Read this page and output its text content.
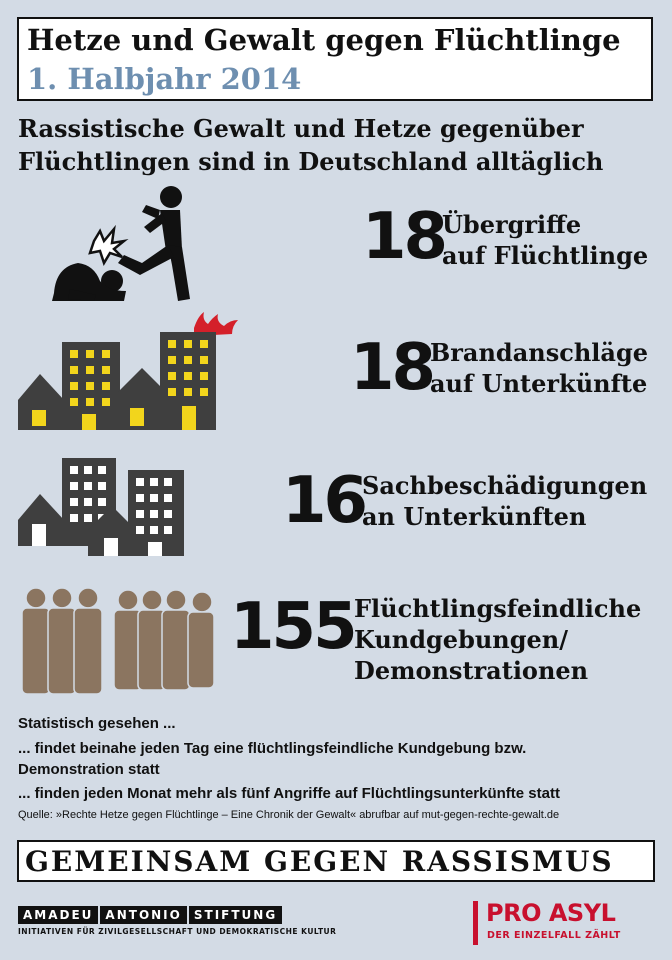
Hetze und Gewalt gegen Flüchtlinge
1. Halbjahr 2014
Rassistische Gewalt und Hetze gegenüber
Flüchtlingen sind in Deutschland alltäglich
18
Übergriffe
auf Flüchtlinge
18
Brandanschläge
auf Unterkünfte
16
Sachbeschädigungen
an Unterkünften
155 Flüchtlingsfeindliche
Kundgebungen/
Demonstrationen
Statistisch gesehen ...
... findet beinahe jeden Tag eine flüchtlingsfeindliche Kundgebung bzw.
Demonstration statt
... finden jeden Monat mehr als fünf Angriffe auf Flüchtlingsunterkünfte statt
Quelle: »Rechte Hetze gegen Flüchtlinge – Eine Chronik der Gewalt« abrufbar auf mut-gegen-rechte-gewalt.de
GEMEINSAM GEGEN RASSISMUS
AMADEU	ANTONIO	STIFTUNG
INITIATIVEN FÜR ZIVILGESELLSCHAFT UND DEMOKRATISCHE KULTUR
PRO ASYL
DER EINZELFALL ZÄHLT
